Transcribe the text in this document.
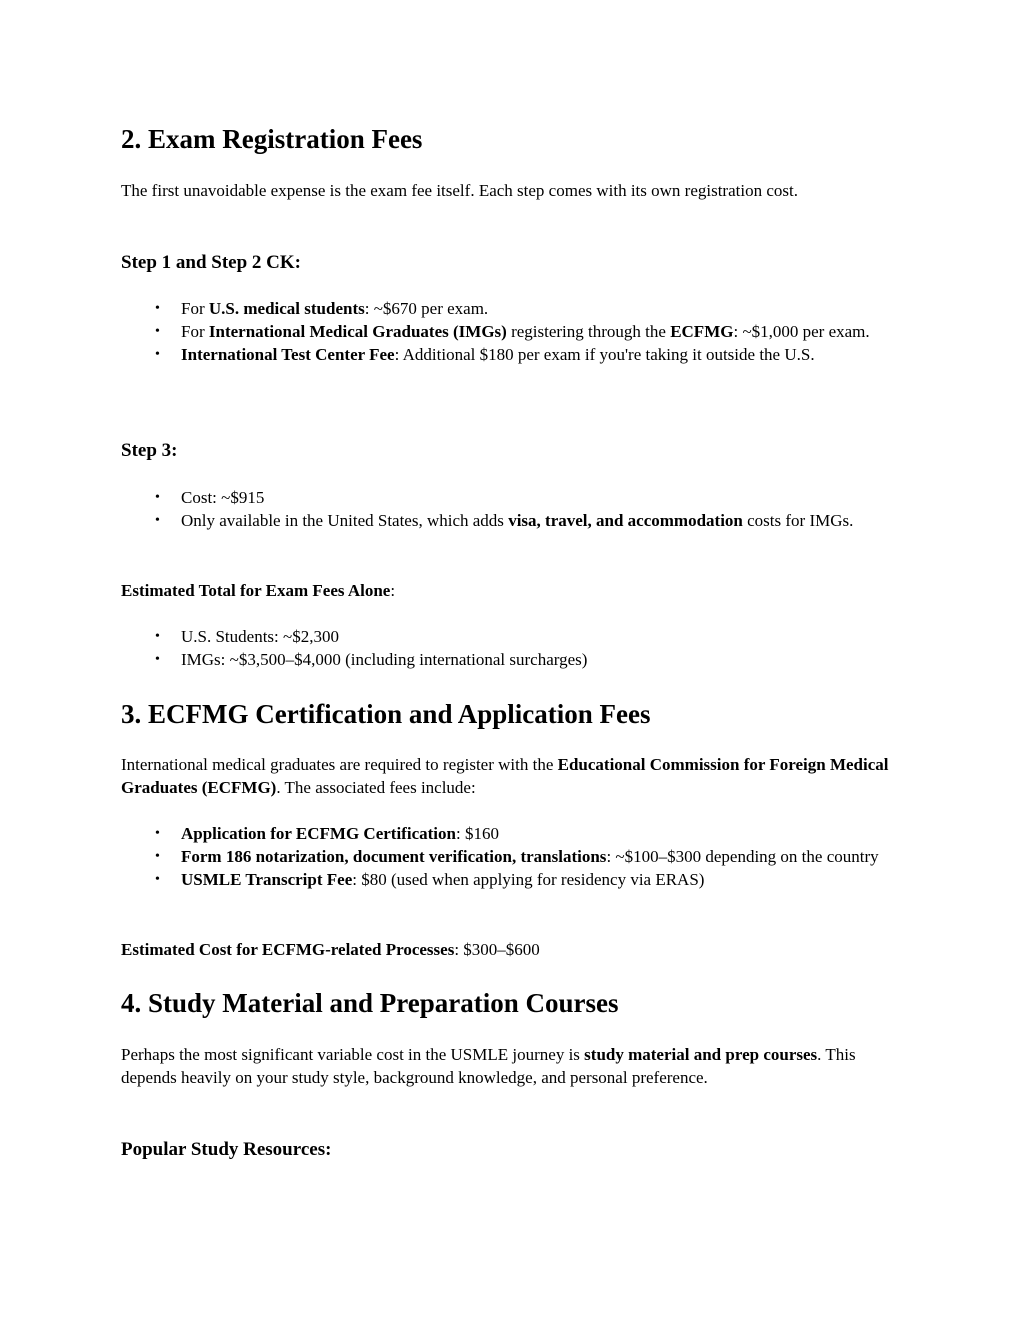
2. Exam Registration Fees

The first unavoidable expense is the exam fee itself. Each step comes with its own registration cost.

Step 1 and Step 2 CK:
• For U.S. medical students: ~$670 per exam.
• For International Medical Graduates (IMGs) registering through the ECFMG: ~$1,000 per exam.
• International Test Center Fee: Additional $180 per exam if you're taking it outside the U.S.
Step 3:
• Cost: ~$915
• Only available in the United States, which adds visa, travel, and accommodation costs for IMGs.

Estimated Total for Exam Fees Alone:

• U.S. Students: ~$2,300
• IMGs: ~$3,500–$4,000 (including international surcharges)
3. ECFMG Certification and Application Fees

International medical graduates are required to register with the Educational Commission for Foreign Medical Graduates (ECFMG). The associated fees include:

• Application for ECFMG Certification: $160
• Form 186 notarization, document verification, translations: ~$100–$300 depending on the country
• USMLE Transcript Fee: $80 (used when applying for residency via ERAS)

Estimated Cost for ECFMG-related Processes: $300–$600

4. Study Material and Preparation Courses

Perhaps the most significant variable cost in the USMLE journey is study material and prep courses. This depends heavily on your study style, background knowledge, and personal preference.

Popular Study Resources:
